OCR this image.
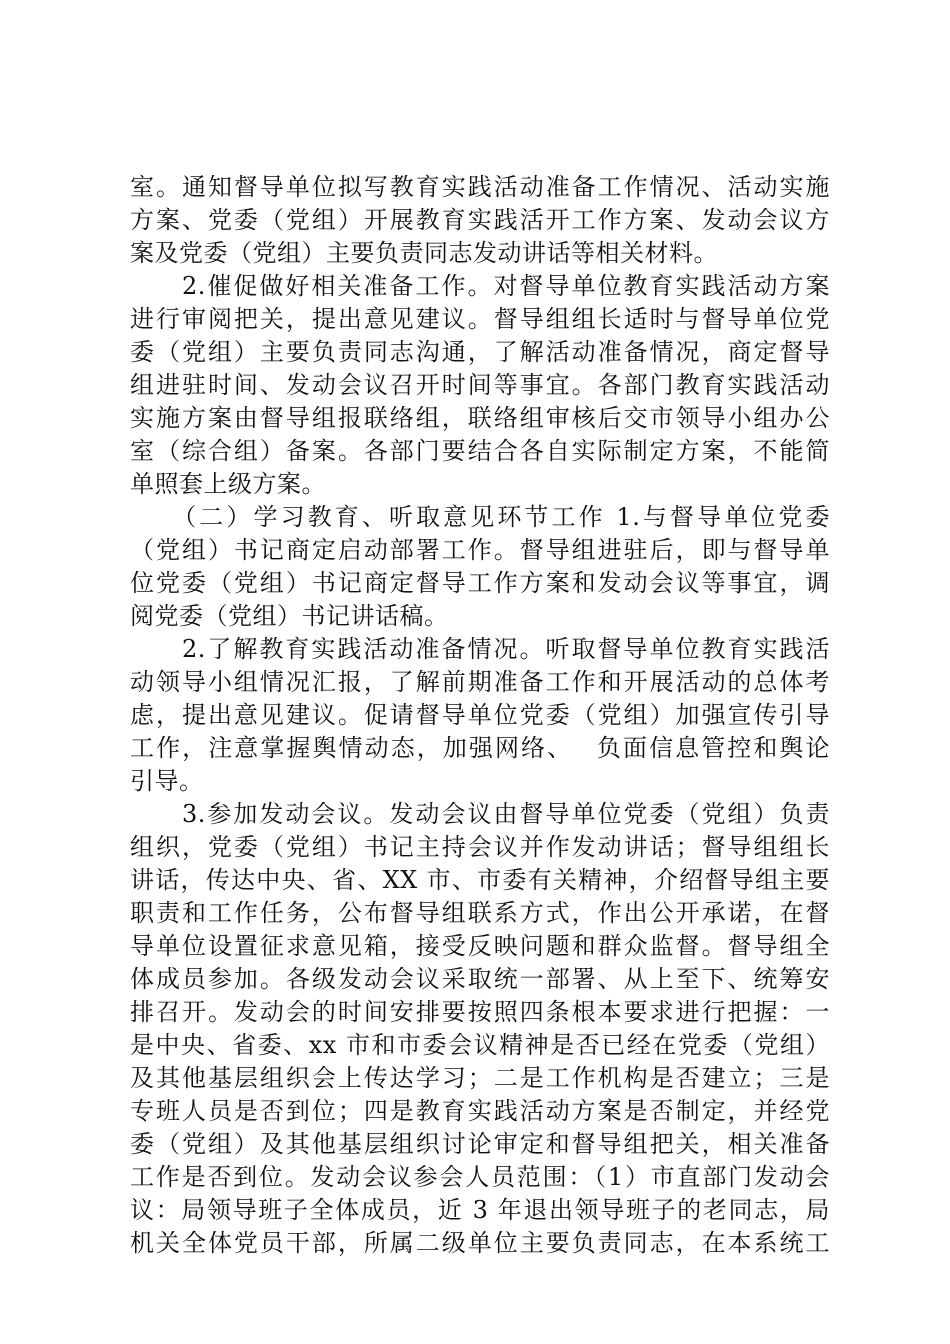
室。通知督导单位拟写教育实践活动准备工作情况、活动实施
方案、党委（党组）开展教育实践活开工作方案、发动会议方
案及党委（党组）主要负责同志发动讲话等相关材料。
　　2.催促做好相关准备工作。对督导单位教育实践活动方案
进行审阅把关，提出意见建议。督导组组长适时与督导单位党
委（党组）主要负责同志沟通，了解活动准备情况，商定督导
组进驻时间、发动会议召开时间等事宜。各部门教育实践活动
实施方案由督导组报联络组，联络组审核后交市领导小组办公
室（综合组）备案。各部门要结合各自实际制定方案，不能简
单照套上级方案。
　　（二）学习教育、听取意见环节工作 1.与督导单位党委
（党组）书记商定启动部署工作。督导组进驻后，即与督导单
位党委（党组）书记商定督导工作方案和发动会议等事宜，调
阅党委（党组）书记讲话稿。
　　2.了解教育实践活动准备情况。听取督导单位教育实践活
动领导小组情况汇报，了解前期准备工作和开展活动的总体考
虑，提出意见建议。促请督导单位党委（党组）加强宣传引导
工作，注意掌握舆情动态，加强网络、　 负面信息管控和舆论
引导。
　　3.参加发动会议。发动会议由督导单位党委（党组）负责
组织，党委（党组）书记主持会议并作发动讲话；督导组组长
讲话，传达中央、省、XX 市、市委有关精神，介绍督导组主要
职责和工作任务，公布督导组联系方式，作出公开承诺，在督
导单位设置征求意见箱，接受反映问题和群众监督。督导组全
体成员参加。各级发动会议采取统一部署、从上至下、统筹安
排召开。发动会的时间安排要按照四条根本要求进行把握：一
是中央、省委、xx 市和市委会议精神是否已经在党委（党组）
及其他基层组织会上传达学习；二是工作机构是否建立；三是
专班人员是否到位；四是教育实践活动方案是否制定，并经党
委（党组）及其他基层组织讨论审定和督导组把关，相关准备
工作是否到位。发动会议参会人员范围：（1）市直部门发动会
议：局领导班子全体成员，近 3 年退出领导班子的老同志，局
机关全体党员干部，所属二级单位主要负责同志，在本系统工
